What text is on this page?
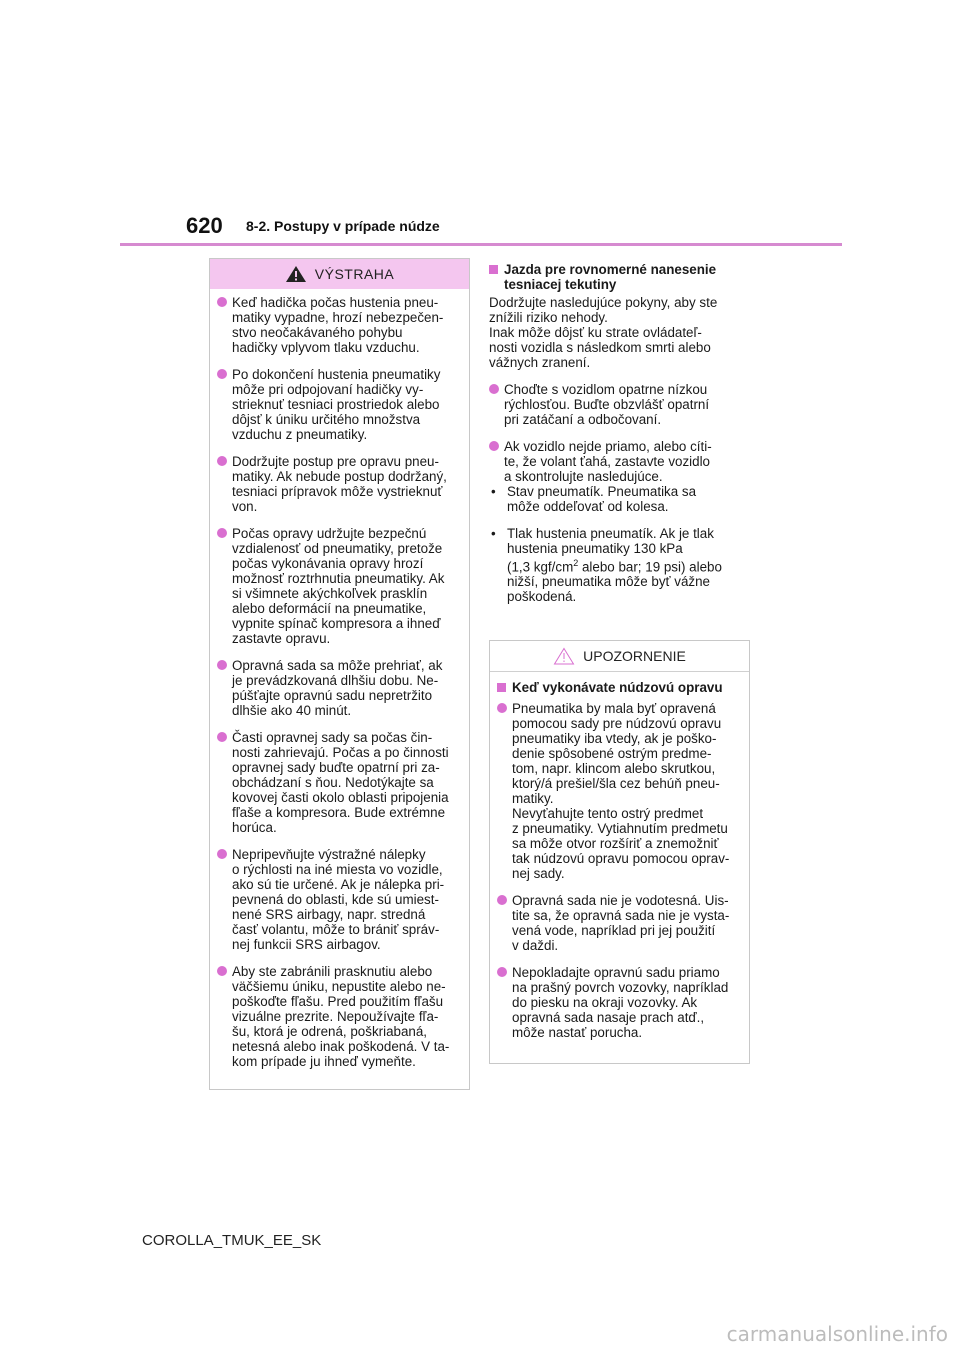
620 8-2. Postupy v prípade núdze
VÝSTRAHA
Keď hadička počas hustenia pneu-
matiky vypadne, hrozí nebezpečen-
stvo neočakávaného pohybu
hadičky vplyvom tlaku vzduchu.
Po dokončení hustenia pneumatiky
môže pri odpojovaní hadičky vy-
strieknuť tesniaci prostriedok alebo
dôjsť k úniku určitého množstva
vzduchu z pneumatiky.
Dodržujte postup pre opravu pneu-
matiky. Ak nebude postup dodržaný,
tesniaci prípravok môže vystrieknuť
von.
Počas opravy udržujte bezpečnú
vzdialenosť od pneumatiky, pretože
počas vykonávania opravy hrozí
možnosť roztrhnutia pneumatiky. Ak
si všimnete akýchkoľvek prasklín
alebo deformácií na pneumatike,
vypnite spínač kompresora a ihneď
zastavte opravu.
Opravná sada sa môže prehriať, ak
je prevádzkovaná dlhšiu dobu. Ne-
púšťajte opravnú sadu nepretržito
dlhšie ako 40 minút.
Časti opravnej sady sa počas čin-
nosti zahrievajú. Počas a po činnosti
opravnej sady buďte opatrní pri za-
obchádzaní s ňou. Nedotýkajte sa
kovovej časti okolo oblasti pripojenia
fľaše a kompresora. Bude extrémne
horúca.
Nepripevňujte výstražné nálepky
o rýchlosti na iné miesta vo vozidle,
ako sú tie určené. Ak je nálepka pri-
pevnená do oblasti, kde sú umiest-
nené SRS airbagy, napr. stredná
časť volantu, môže to brániť správ-
nej funkcii SRS airbagov.
Aby ste zabránili prasknutiu alebo
väčšiemu úniku, nepustite alebo ne-
poškoďte fľašu. Pred použitím fľašu
vizuálne prezrite. Nepoužívajte fľa-
šu, ktorá je odrená, poškriabaná,
netesná alebo inak poškodená. V ta-
kom prípade ju ihneď vymeňte.
Jazda pre rovnomerné nanesenie
tesniacej tekutiny
Dodržujte nasledujúce pokyny, aby ste
znížili riziko nehody.
Inak môže dôjsť ku strate ovládateľ-
nosti vozidla s následkom smrti alebo
vážnych zranení.
Choďte s vozidlom opatrne nízkou
rýchlosťou. Buďte obzvlášť opatrní
pri zatáčaní a odbočovaní.
Ak vozidlo nejde priamo, alebo cíti-
te, že volant ťahá, zastavte vozidlo
a skontrolujte nasledujúce.
• Stav pneumatík. Pneumatika sa
môže oddeľovať od kolesa.
• Tlak hustenia pneumatík. Ak je tlak
hustenia pneumatiky 130 kPa
(1,3 kgf/$cm^2$ alebo bar; 19 psi) alebo
nižší, pneumatika môže byť vážne
poškodená.
UPOZORNENIE
Keď vykonávate núdzovú opravu
Pneumatika by mala byť opravená
pomocou sady pre núdzovú opravu
pneumatiky iba vtedy, ak je poško-
denie spôsobené ostrým predme-
tom, napr. klincom alebo skrutkou,
ktorý/á prešiel/šla cez behúň pneu-
matiky.
Nevyťahujte tento ostrý predmet
z pneumatiky. Vytiahnutím predmetu
sa môže otvor rozšíriť a znemožniť
tak núdzovú opravu pomocou oprav-
nej sady.
Opravná sada nie je vodotesná. Uis-
tite sa, že opravná sada nie je vysta-
vená vode, napríklad pri jej použití
v daždi.
Nepokladajte opravnú sadu priamo
na prašný povrch vozovky, napríklad
do piesku na okraji vozovky. Ak
opravná sada nasaje prach atď.,
môže nastať porucha.
COROLLA_TMUK_EE_SK
carmanualsonline.info
